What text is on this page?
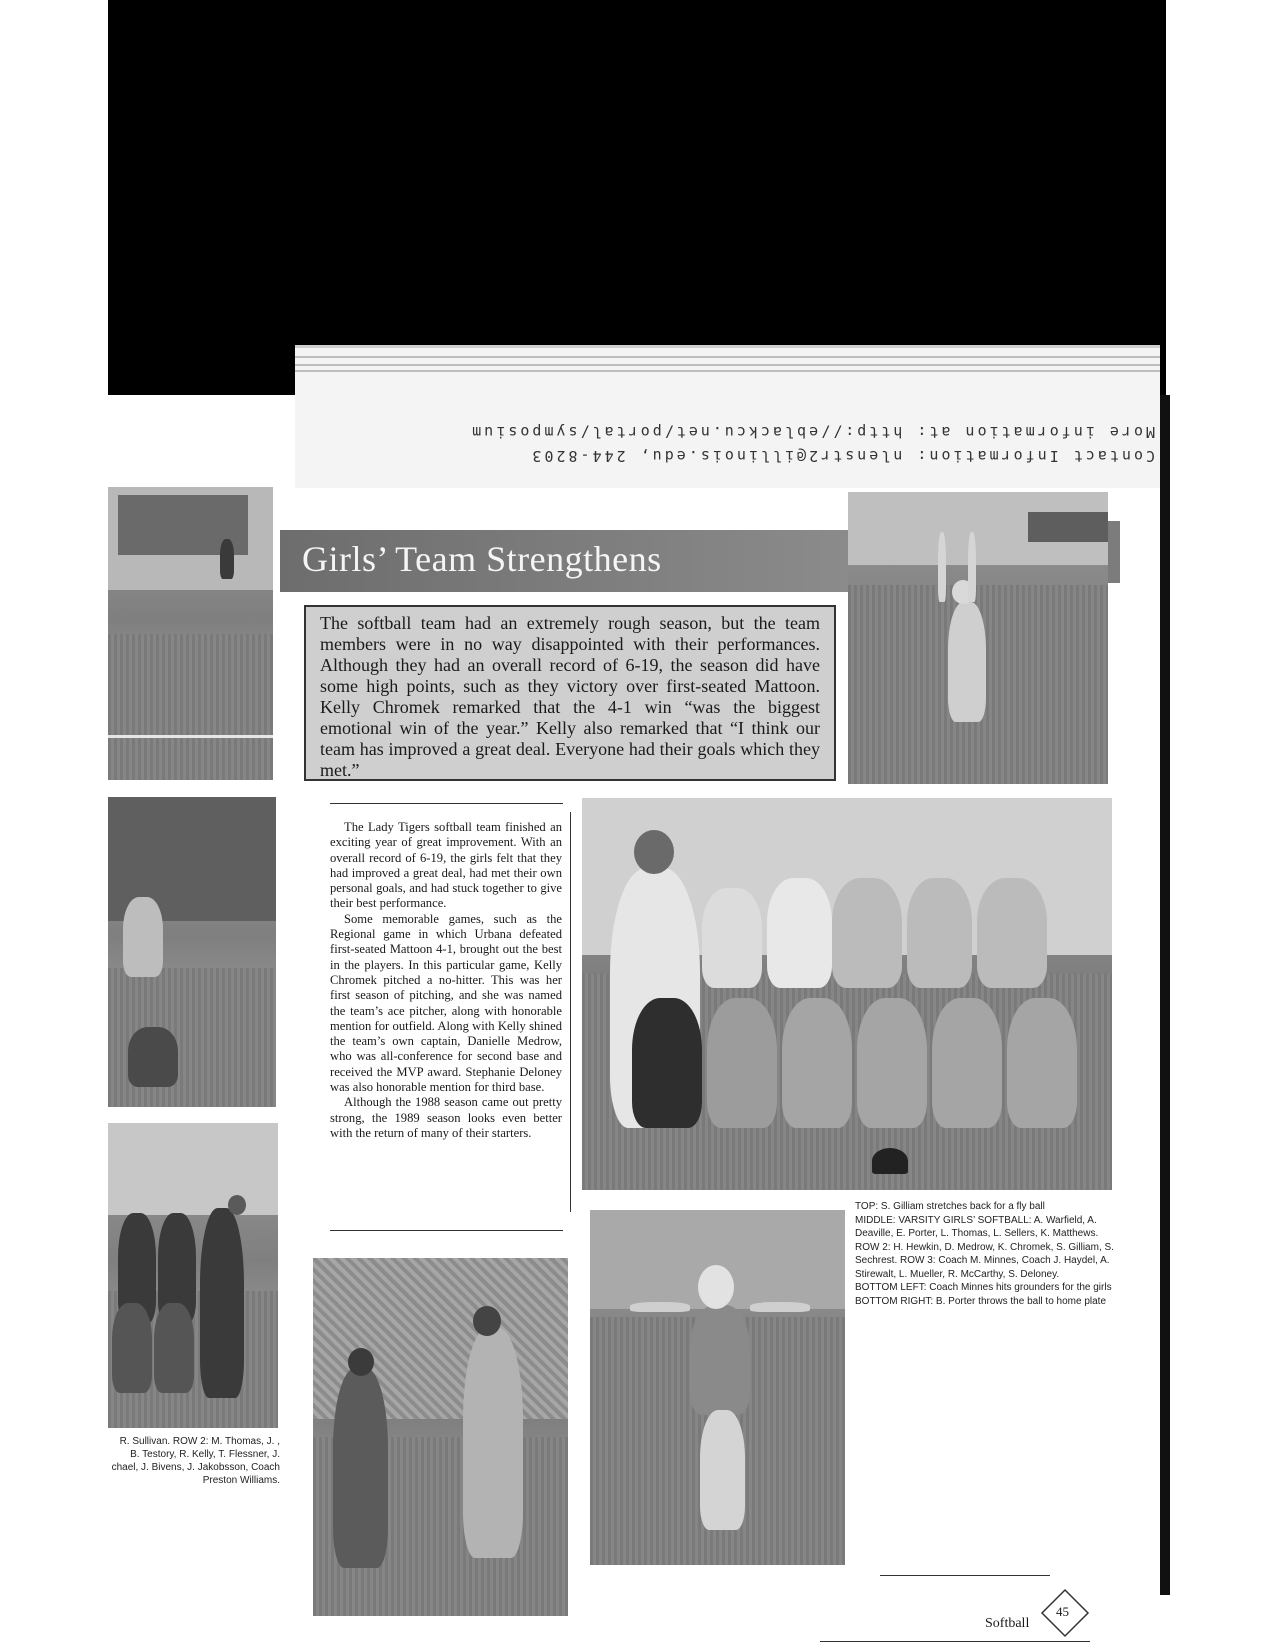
Contact Information: nlenstr2@illinois.edu, 244-8203
More information at: http://eblackcu.net/portal/symposium
R. Sullivan. ROW 2: M. Thomas, J. , B. Testory, R. Kelly, T. Flessner, J. chael, J. Bivens, J. Jakobsson, Coach Preston Williams.
Girls’ Team Strengthens
The softball team had an extremely rough season, but the team members were in no way disappointed with their performances. Although they had an overall record of 6-19, the season did have some high points, such as they victory over first-seated Mattoon. Kelly Chromek remarked that the 4-1 win “was the biggest emotional win of the year.” Kelly also remarked that “I think our team has improved a great deal. Everyone had their goals which they met.”

The Lady Tigers softball team finished an exciting year of great improvement. With an overall record of 6-19, the girls felt that they had improved a great deal, had met their own personal goals, and had stuck together to give their best performance.

Some memorable games, such as the Regional game in which Urbana defeated first-seated Mattoon 4-1, brought out the best in the players. In this particular game, Kelly Chromek pitched a no-hitter. This was her first season of pitching, and she was named the team’s ace pitcher, along with honorable mention for outfield. Along with Kelly shined the team’s own captain, Danielle Medrow, who was all-conference for second base and received the MVP award. Stephanie Deloney was also honorable mention for third base.

Although the 1988 season came out pretty strong, the 1989 season looks even better with the return of many of their starters.

TOP: S. Gilliam stretches back for a fly ball
MIDDLE: VARSITY GIRLS’ SOFTBALL: A. Warfield, A. Deaville, E. Porter, L. Thomas, L. Sellers, K. Matthews. ROW 2: H. Hewkin, D. Medrow, K. Chromek, S. Gilliam, S. Sechrest. ROW 3: Coach M. Minnes, Coach J. Haydel, A. Stirewalt, L. Mueller, R. McCarthy, S. Deloney.
BOTTOM LEFT: Coach Minnes hits grounders for the girls
BOTTOM RIGHT: B. Porter throws the ball to home plate
Softball
45
